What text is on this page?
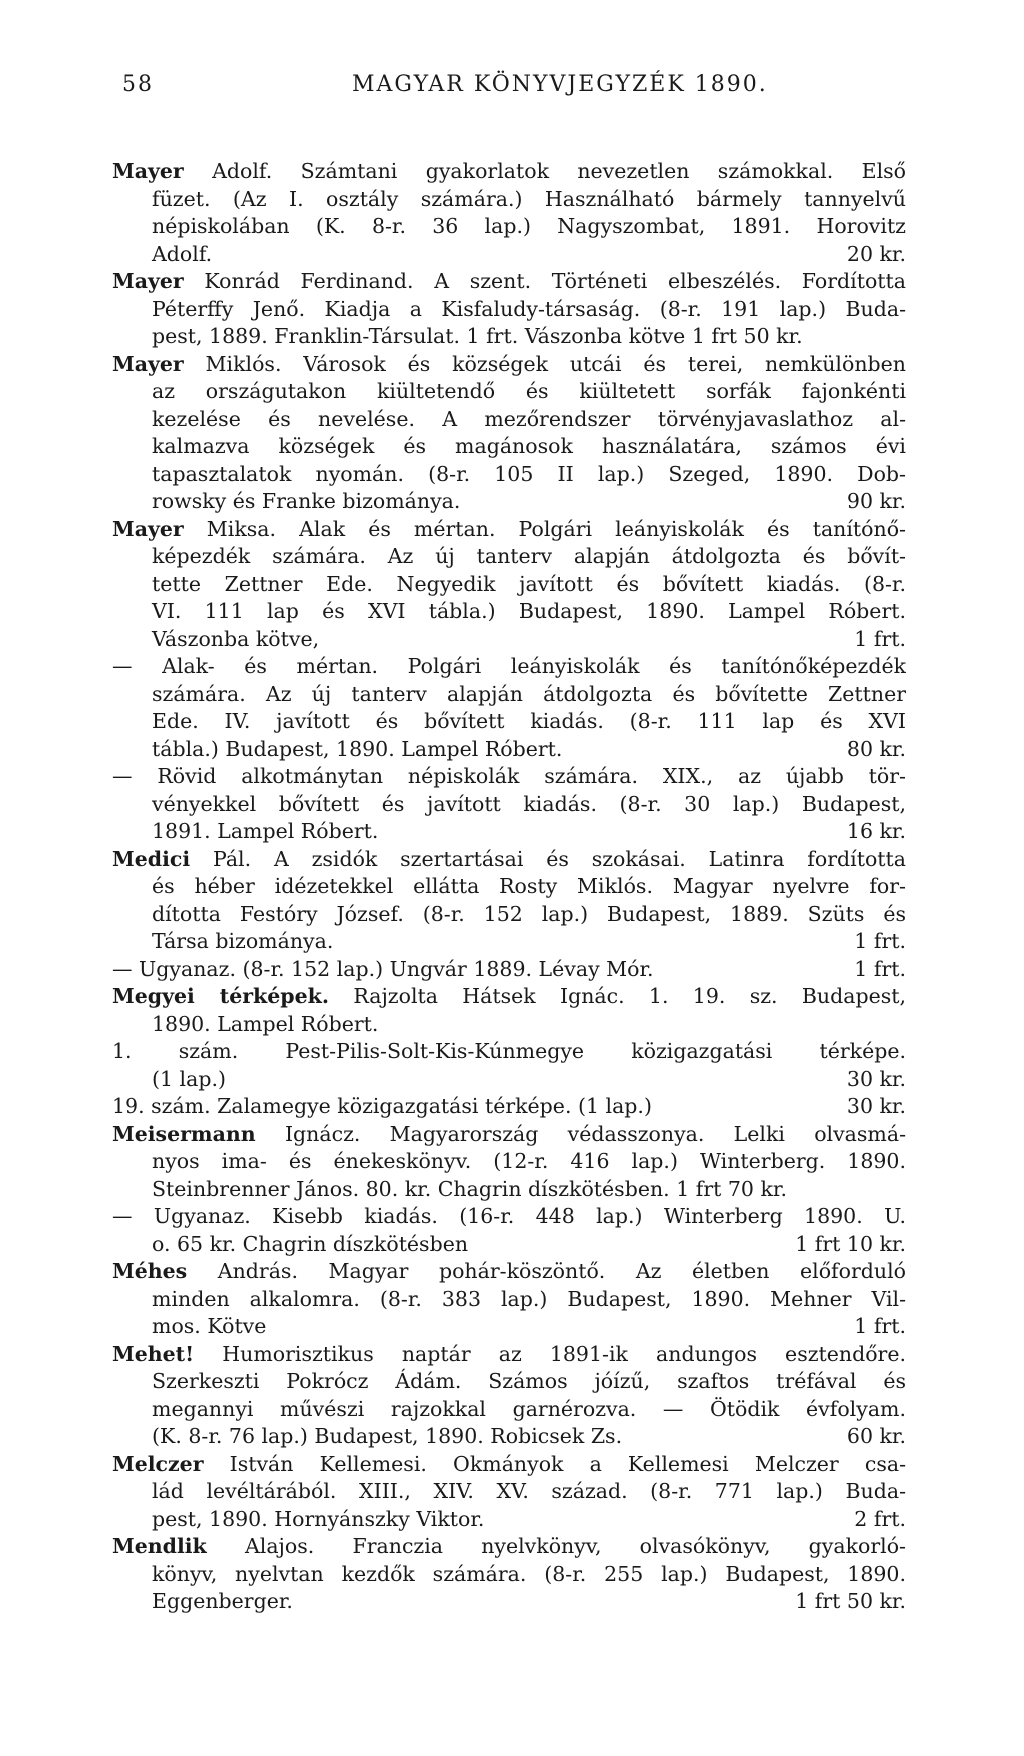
58	MAGYAR KÖNYVJEGYZÉK 1890.
Mayer Adolf. Számtani gyakorlatok nevezetlen számokkal. Első
füzet. (Az I. osztály számára.) Használható bármely tannyelvű
népiskolában (K. 8-r. 36 lap.) Nagyszombat, 1891. Horovitz
Adolf.	20 kr.
Mayer Konrád Ferdinand. A szent. Történeti elbeszélés. Fordította
Péterffy Jenő. Kiadja a Kisfaludy-társaság. (8-r. 191 lap.) Buda-
pest, 1889. Franklin-Társulat. 1 frt. Vászonba kötve 1 frt 50 kr.
Mayer Miklós. Városok és községek utcái és terei, nemkülönben
az országutakon kiültetendő és kiültetett sorfák fajonkénti
kezelése és nevelése. A mezőrendszer törvényjavaslathoz al-
kalmazva községek és magánosok használatára, számos évi
tapasztalatok nyomán. (8-r. 105 II lap.) Szeged, 1890. Dob-
rowsky és Franke bizománya.	90 kr.
Mayer Miksa. Alak és mértan. Polgári leányiskolák és tanítónő-
képezdék számára. Az új tanterv alapján átdolgozta és bővít-
tette Zettner Ede. Negyedik javított és bővített kiadás. (8-r.
VI. 111 lap és XVI tábla.) Budapest, 1890. Lampel Róbert.
Vászonba kötve,	1 frt.
— Alak- és mértan. Polgári leányiskolák és tanítónőképezdék
számára. Az új tanterv alapján átdolgozta és bővítette Zettner
Ede. IV. javított és bővített kiadás. (8-r. 111 lap és XVI
tábla.) Budapest, 1890. Lampel Róbert.	80 kr.
— Rövid alkotmánytan népiskolák számára. XIX., az újabb tör-
vényekkel bővített és javított kiadás. (8-r. 30 lap.) Budapest,
1891. Lampel Róbert.	16 kr.
Medici Pál. A zsidók szertartásai és szokásai. Latinra fordította
és héber idézetekkel ellátta Rosty Miklós. Magyar nyelvre for-
dította Festóry József. (8-r. 152 lap.) Budapest, 1889. Szüts és
Társa bizománya.	1 frt.
— Ugyanaz. (8-r. 152 lap.) Ungvár 1889. Lévay Mór.	1 frt.
Megyei térképek. Rajzolta Hátsek Ignác. 1. 19. sz. Budapest,
1890. Lampel Róbert.
1. szám. Pest-Pilis-Solt-Kis-Kúnmegye közigazgatási térképe.
(1 lap.)	30 kr.
19. szám. Zalamegye közigazgatási térképe. (1 lap.)	30 kr.
Meisermann Ignácz. Magyarország védasszonya. Lelki olvasmá-
nyos ima- és énekeskönyv. (12-r. 416 lap.) Winterberg. 1890.
Steinbrenner János. 80. kr. Chagrin díszkötésben. 1 frt 70 kr.
— Ugyanaz. Kisebb kiadás. (16-r. 448 lap.) Winterberg 1890. U.
o. 65 kr. Chagrin díszkötésben	1 frt 10 kr.
Méhes András. Magyar pohár-köszöntő. Az életben előforduló
minden alkalomra. (8-r. 383 lap.) Budapest, 1890. Mehner Vil-
mos. Kötve	1 frt.
Mehet! Humorisztikus naptár az 1891-ik andungos esztendőre.
Szerkeszti Pokrócz Ádám. Számos jóízű, szaftos tréfával és
megannyi művészi rajzokkal garnérozva. — Ötödik évfolyam.
(K. 8-r. 76 lap.) Budapest, 1890. Robicsek Zs.	60 kr.
Melczer István Kellemesi. Okmányok a Kellemesi Melczer csa-
lád levéltárából. XIII., XIV. XV. század. (8-r. 771 lap.) Buda-
pest, 1890. Hornyánszky Viktor.	2 frt.
Mendlik Alajos. Franczia nyelvkönyv, olvasókönyv, gyakorló-
könyv, nyelvtan kezdők számára. (8-r. 255 lap.) Budapest, 1890.
Eggenberger.	1 frt 50 kr.
